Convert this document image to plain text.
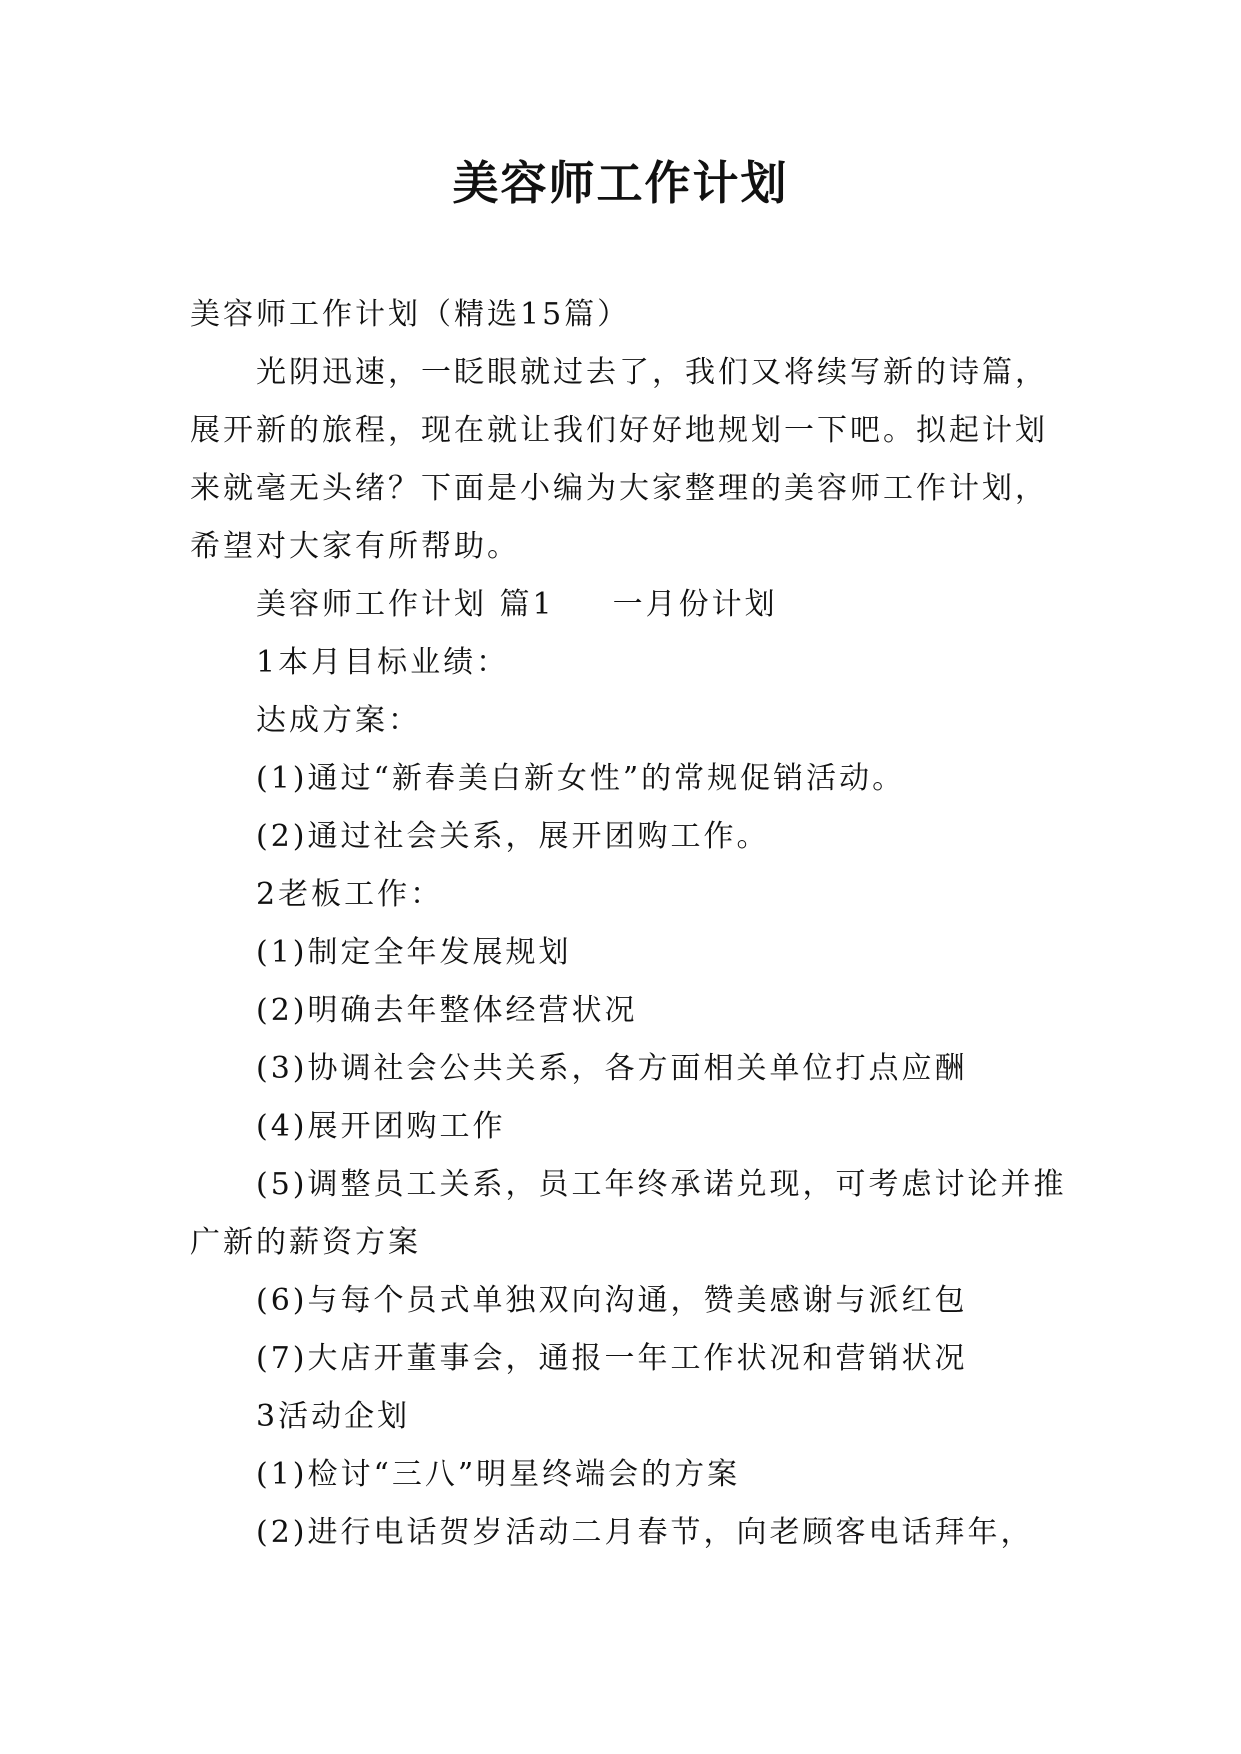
美容师工作计划

美容师工作计划（精选15篇）

光阴迅速，一眨眼就过去了，我们又将续写新的诗篇，展开新的旅程，现在就让我们好好地规划一下吧。拟起计划来就毫无头绪？下面是小编为大家整理的美容师工作计划，希望对大家有所帮助。

美容师工作计划 篇1 一月份计划

1本月目标业绩：

达成方案：

(1)通过“新春美白新女性”的常规促销活动。

(2)通过社会关系，展开团购工作。

2老板工作：

(1)制定全年发展规划

(2)明确去年整体经营状况

(3)协调社会公共关系，各方面相关单位打点应酬

(4)展开团购工作

(5)调整员工关系，员工年终承诺兑现，可考虑讨论并推广新的薪资方案

(6)与每个员式单独双向沟通，赞美感谢与派红包

(7)大店开董事会，通报一年工作状况和营销状况

3活动企划

(1)检讨“三八”明星终端会的方案

(2)进行电话贺岁活动二月春节，向老顾客电话拜年，
